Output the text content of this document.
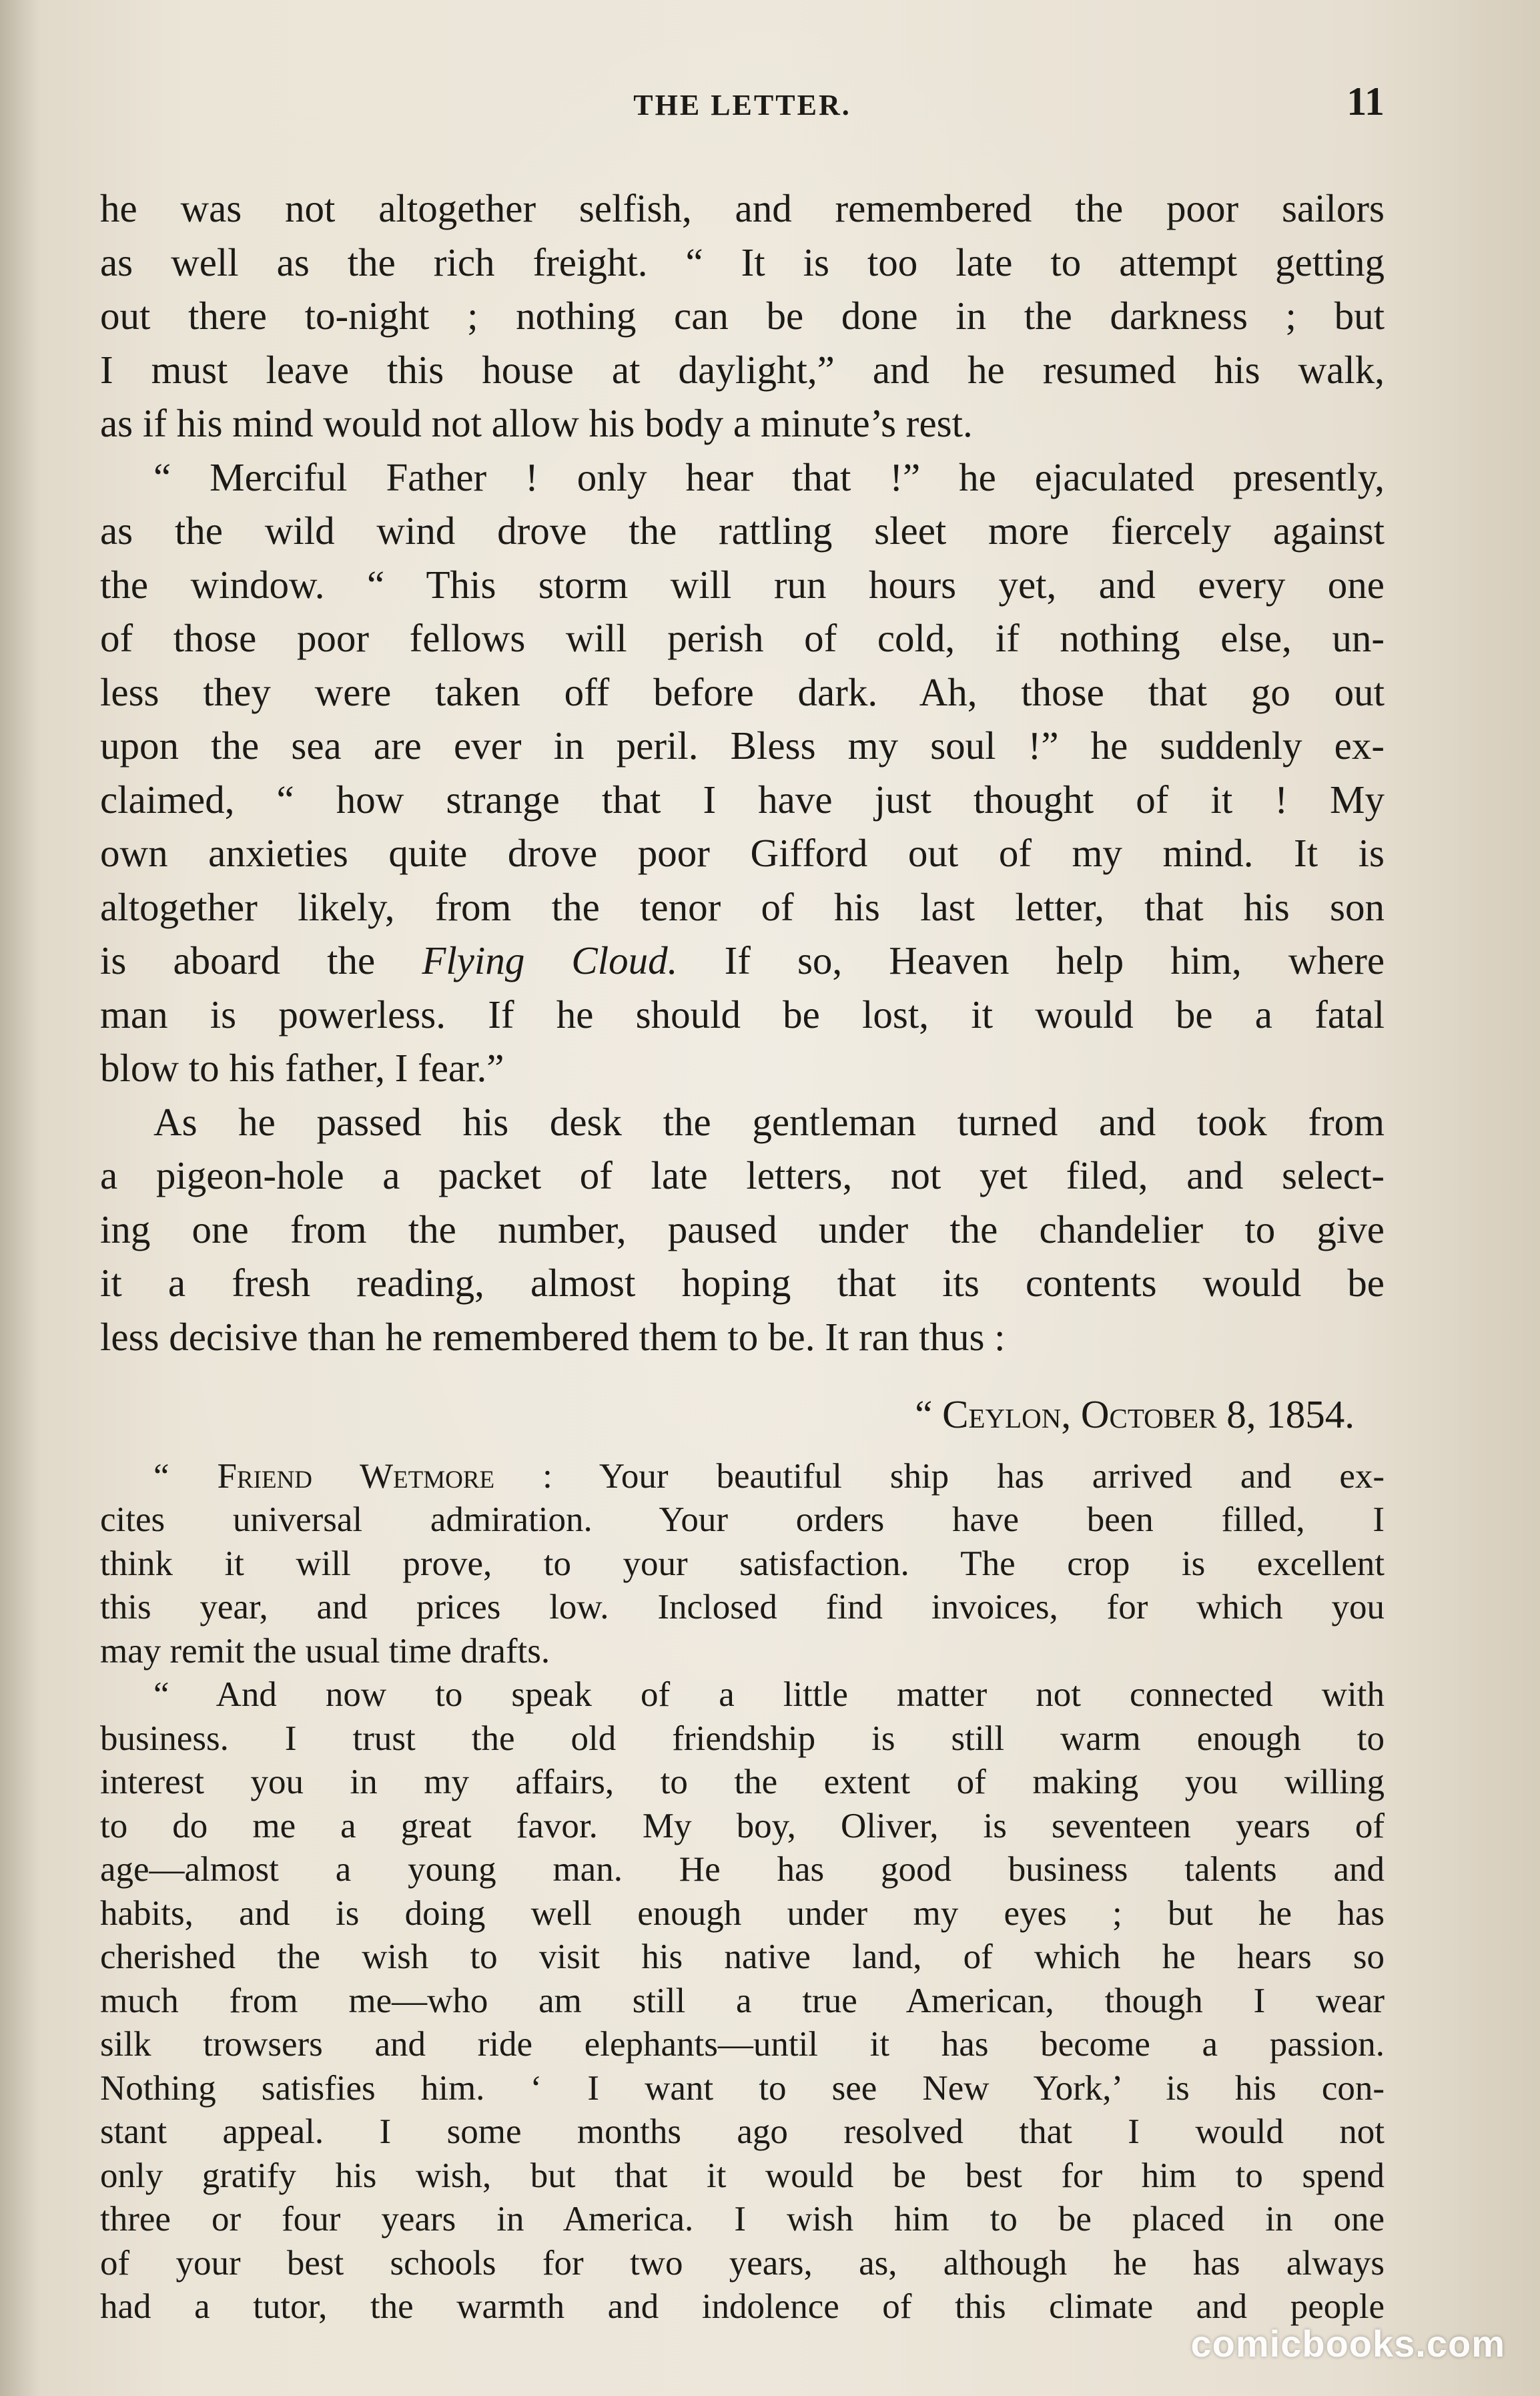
THE LETTER.	11
he was not altogether selfish, and remembered the poor sailors
as well as the rich freight. “ It is too late to attempt getting
out there to-night ; nothing can be done in the darkness ; but
I must leave this house at daylight,” and he resumed his walk,
as if his mind would not allow his body a minute’s rest.
“ Merciful Father ! only hear that !” he ejaculated presently,
as the wild wind drove the rattling sleet more fiercely against
the window. “ This storm will run hours yet, and every one
of those poor fellows will perish of cold, if nothing else, un-
less they were taken off before dark. Ah, those that go out
upon the sea are ever in peril. Bless my soul !” he suddenly ex-
claimed, “ how strange that I have just thought of it ! My
own anxieties quite drove poor Gifford out of my mind. It is
altogether likely, from the tenor of his last letter, that his son
is aboard the Flying Cloud. If so, Heaven help him, where
man is powerless. If he should be lost, it would be a fatal
blow to his father, I fear.”
As he passed his desk the gentleman turned and took from
a pigeon-hole a packet of late letters, not yet filed, and select-
ing one from the number, paused under the chandelier to give
it a fresh reading, almost hoping that its contents would be
less decisive than he remembered them to be. It ran thus :
“ Ceylon, October 8, 1854.
“ Friend Wetmore : Your beautiful ship has arrived and ex-
cites universal admiration. Your orders have been filled, I
think it will prove, to your satisfaction. The crop is excellent
this year, and prices low. Inclosed find invoices, for which you
may remit the usual time drafts.
“ And now to speak of a little matter not connected with
business. I trust the old friendship is still warm enough to
interest you in my affairs, to the extent of making you willing
to do me a great favor. My boy, Oliver, is seventeen years of
age—almost a young man. He has good business talents and
habits, and is doing well enough under my eyes ; but he has
cherished the wish to visit his native land, of which he hears so
much from me—who am still a true American, though I wear
silk trowsers and ride elephants—until it has become a passion.
Nothing satisfies him. ‘ I want to see New York,’ is his con-
stant appeal. I some months ago resolved that I would not
only gratify his wish, but that it would be best for him to spend
three or four years in America. I wish him to be placed in one
of your best schools for two years, as, although he has always
had a tutor, the warmth and indolence of this climate and people
comicbooks.com
